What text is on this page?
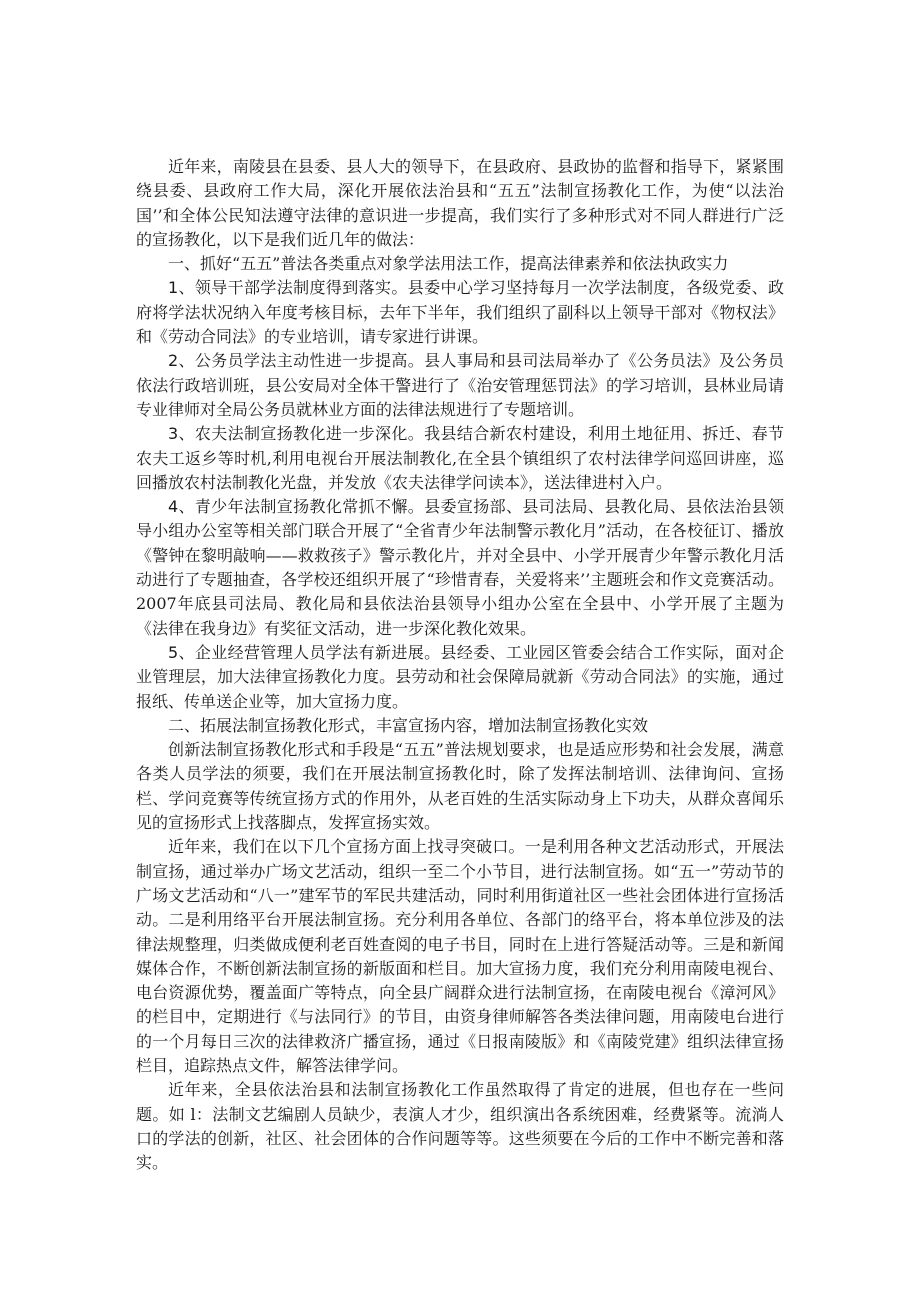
近年来，南陵县在县委、县人大的领导下，在县政府、县政协的监督和指导下，紧紧围绕县委、县政府工作大局，深化开展依法治县和“五五”法制宣扬教化工作，为使“以法治国’’和全体公民知法遵守法律的意识进一步提高，我们实行了多种形式对不同人群进行广泛的宣扬教化，以下是我们近几年的做法：

一、抓好“五五”普法各类重点对象学法用法工作，提高法律素养和依法执政实力

1、领导干部学法制度得到落实。县委中心学习坚持每月一次学法制度，各级党委、政府将学法状况纳入年度考核目标，去年下半年，我们组织了副科以上领导干部对《物权法》和《劳动合同法》的专业培训，请专家进行讲课。

2、公务员学法主动性进一步提高。县人事局和县司法局举办了《公务员法》及公务员依法行政培训班，县公安局对全体干警进行了《治安管理惩罚法》的学习培训，县林业局请专业律师对全局公务员就林业方面的法律法规进行了专题培训。

3、农夫法制宣扬教化进一步深化。我县结合新农村建设，利用土地征用、拆迁、春节农夫工返乡等时机,利用电视台开展法制教化,在全县个镇组织了农村法律学问巡回讲座，巡回播放农村法制教化光盘，并发放《农夫法律学问读本》，送法律进村入户。

4、青少年法制宣扬教化常抓不懈。县委宣扬部、县司法局、县教化局、县依法治县领导小组办公室等相关部门联合开展了“全省青少年法制警示教化月”活动，在各校征订、播放《警钟在黎明敲响——救救孩子》警示教化片，并对全县中、小学开展青少年警示教化月活动进行了专题抽查，各学校还组织开展了“珍惜青春，关爱将来’’主题班会和作文竞赛活动。2007年底县司法局、教化局和县依法治县领导小组办公室在全县中、小学开展了主题为《法律在我身边》有奖征文活动，进一步深化教化效果。

5、企业经营管理人员学法有新进展。县经委、工业园区管委会结合工作实际，面对企业管理层，加大法律宣扬教化力度。县劳动和社会保障局就新《劳动合同法》的实施，通过报纸、传单送企业等，加大宣扬力度。

二、拓展法制宣扬教化形式，丰富宣扬内容，增加法制宣扬教化实效

创新法制宣扬教化形式和手段是“五五”普法规划要求，也是适应形势和社会发展，满意各类人员学法的须要，我们在开展法制宣扬教化时，除了发挥法制培训、法律询问、宣扬栏、学问竞赛等传统宣扬方式的作用外，从老百姓的生活实际动身上下功夫，从群众喜闻乐见的宣扬形式上找落脚点，发挥宣扬实效。

近年来，我们在以下几个宣扬方面上找寻突破口。一是利用各种文艺活动形式，开展法制宣扬，通过举办广场文艺活动，组织一至二个小节目，进行法制宣扬。如“五一”劳动节的广场文艺活动和“八一”建军节的军民共建活动，同时利用街道社区一些社会团体进行宣扬活动。二是利用络平台开展法制宣扬。充分利用各单位、各部门的络平台，将本单位涉及的法律法规整理，归类做成便利老百姓查阅的电子书目，同时在上进行答疑活动等。三是和新闻媒体合作，不断创新法制宣扬的新版面和栏目。加大宣扬力度，我们充分利用南陵电视台、电台资源优势，覆盖面广等特点，向全县广阔群众进行法制宣扬，在南陵电视台《漳河风》的栏目中，定期进行《与法同行》的节目，由资身律师解答各类法律问题，用南陵电台进行的一个月每日三次的法律救济广播宣扬，通过《日报南陵版》和《南陵党建》组织法律宣扬栏目，追踪热点文件，解答法律学问。

近年来，全县依法治县和法制宣扬教化工作虽然取得了肯定的进展，但也存在一些问题。如 l：法制文艺编剧人员缺少，表演人才少，组织演出各系统困难，经费紧等。流淌人口的学法的创新，社区、社会团体的合作问题等等。这些须要在今后的工作中不断完善和落实。
